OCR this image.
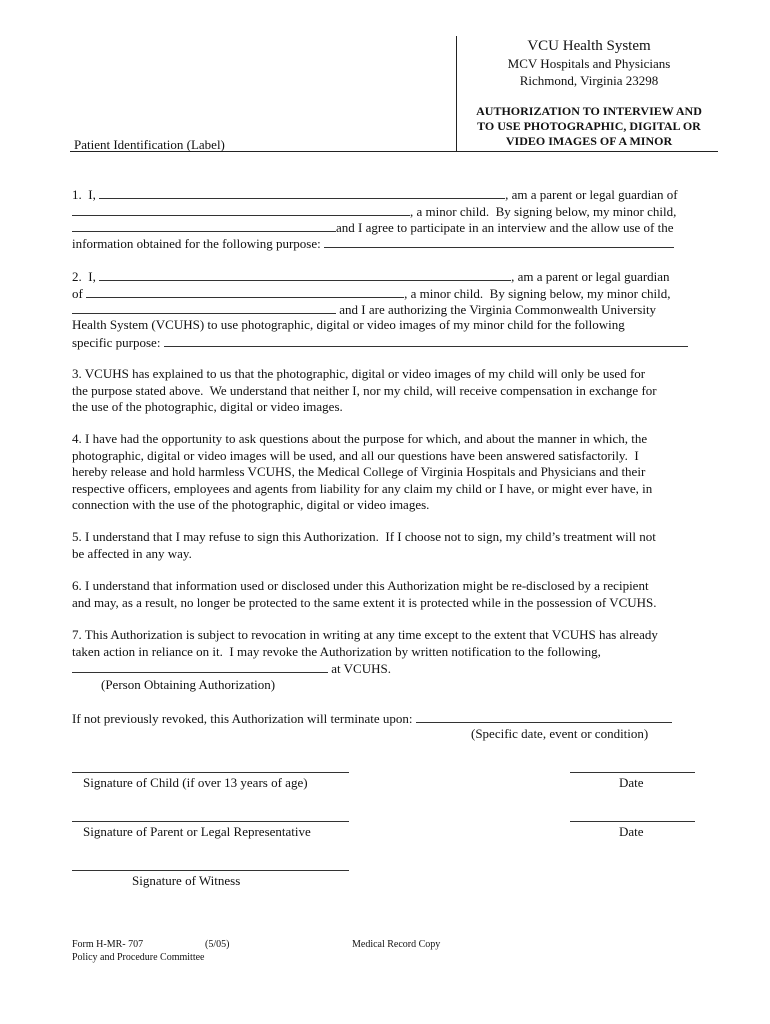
VCU Health System
MCV Hospitals and Physicians
Richmond, Virginia 23298
AUTHORIZATION TO INTERVIEW AND
TO USE PHOTOGRAPHIC, DIGITAL OR
VIDEO IMAGES OF A MINOR
Patient Identification (Label)
1.  I,	, am a parent or legal guardian of
, a minor child.  By signing below, my minor child,
and I agree to participate in an interview and the allow use of the
information obtained for the following purpose:
2.  I,	, am a parent or legal guardian
of	, a minor child.  By signing below, my minor child,
and I are authorizing the Virginia Commonwealth University
Health System (VCUHS) to use photographic, digital or video images of my minor child for the following
specific purpose:
3. VCUHS has explained to us that the photographic, digital or video images of my child will only be used for
the purpose stated above.  We understand that neither I, nor my child, will receive compensation in exchange for
the use of the photographic, digital or video images.
4. I have had the opportunity to ask questions about the purpose for which, and about the manner in which, the
photographic, digital or video images will be used, and all our questions have been answered satisfactorily.  I
hereby release and hold harmless VCUHS, the Medical College of Virginia Hospitals and Physicians and their
respective officers, employees and agents from liability for any claim my child or I have, or might ever have, in
connection with the use of the photographic, digital or video images.
5. I understand that I may refuse to sign this Authorization.  If I choose not to sign, my child’s treatment will not
be affected in any way.
6. I understand that information used or disclosed under this Authorization might be re-disclosed by a recipient
and may, as a result, no longer be protected to the same extent it is protected while in the possession of VCUHS.
7. This Authorization is subject to revocation in writing at any time except to the extent that VCUHS has already
taken action in reliance on it.  I may revoke the Authorization by written notification to the following,
at VCUHS.
(Person Obtaining Authorization)
If not previously revoked, this Authorization will terminate upon:
(Specific date, event or condition)
Signature of Child (if over 13 years of age)	Date
Signature of Parent or Legal Representative	Date
Signature of Witness
Form H-MR- 707	(5/05)	Medical Record Copy
Policy and Procedure Committee
